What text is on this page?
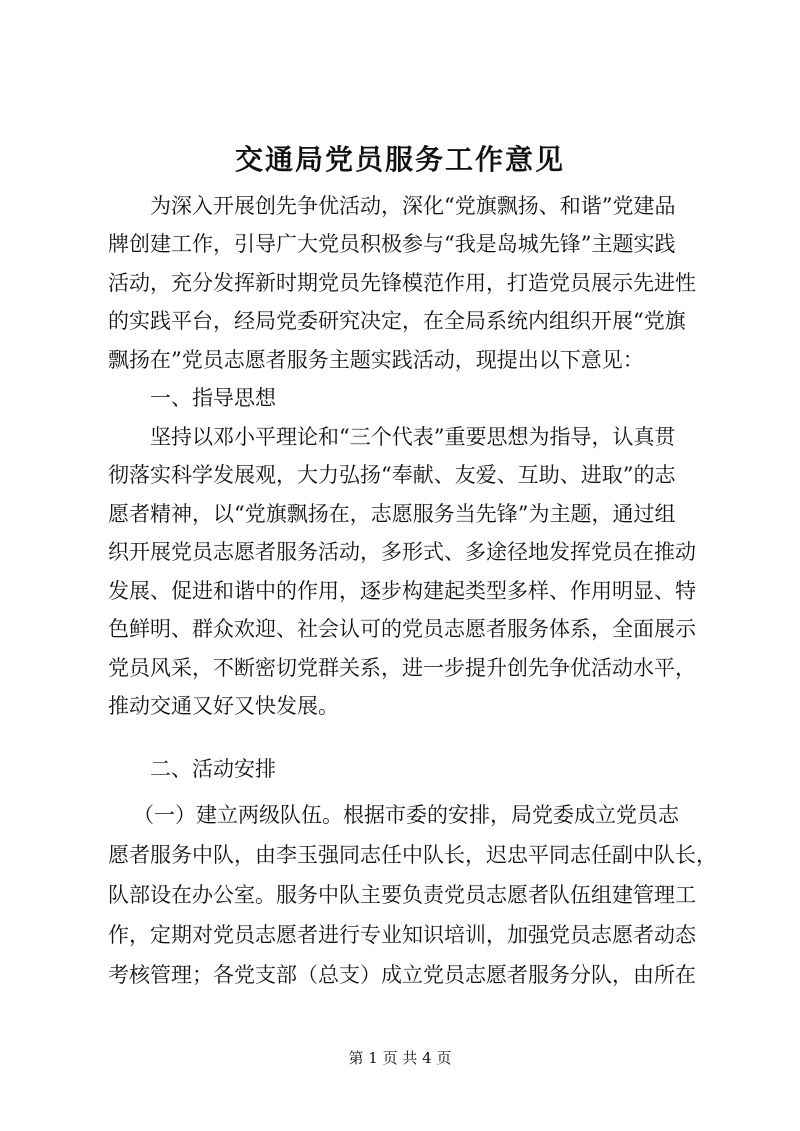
交通局党员服务工作意见

为深入开展创先争优活动，深化“党旗飘扬、和谐”党建品

牌创建工作，引导广大党员积极参与“我是岛城先锋”主题实践

活动，充分发挥新时期党员先锋模范作用，打造党员展示先进性

的实践平台，经局党委研究决定，在全局系统内组织开展“党旗

飘扬在”党员志愿者服务主题实践活动，现提出以下意见：

一、指导思想

坚持以邓小平理论和“三个代表”重要思想为指导，认真贯

彻落实科学发展观，大力弘扬“奉献、友爱、互助、进取”的志

愿者精神，以“党旗飘扬在，志愿服务当先锋”为主题，通过组

织开展党员志愿者服务活动，多形式、多途径地发挥党员在推动

发展、促进和谐中的作用，逐步构建起类型多样、作用明显、特

色鲜明、群众欢迎、社会认可的党员志愿者服务体系，全面展示

党员风采，不断密切党群关系，进一步提升创先争优活动水平，

推动交通又好又快发展。

二、活动安排

（一）建立两级队伍。根据市委的安排，局党委成立党员志

愿者服务中队，由李玉强同志任中队长，迟忠平同志任副中队长，

队部设在办公室。服务中队主要负责党员志愿者队伍组建管理工

作，定期对党员志愿者进行专业知识培训，加强党员志愿者动态

考核管理；各党支部（总支）成立党员志愿者服务分队，由所在

第 1 页 共 4 页
